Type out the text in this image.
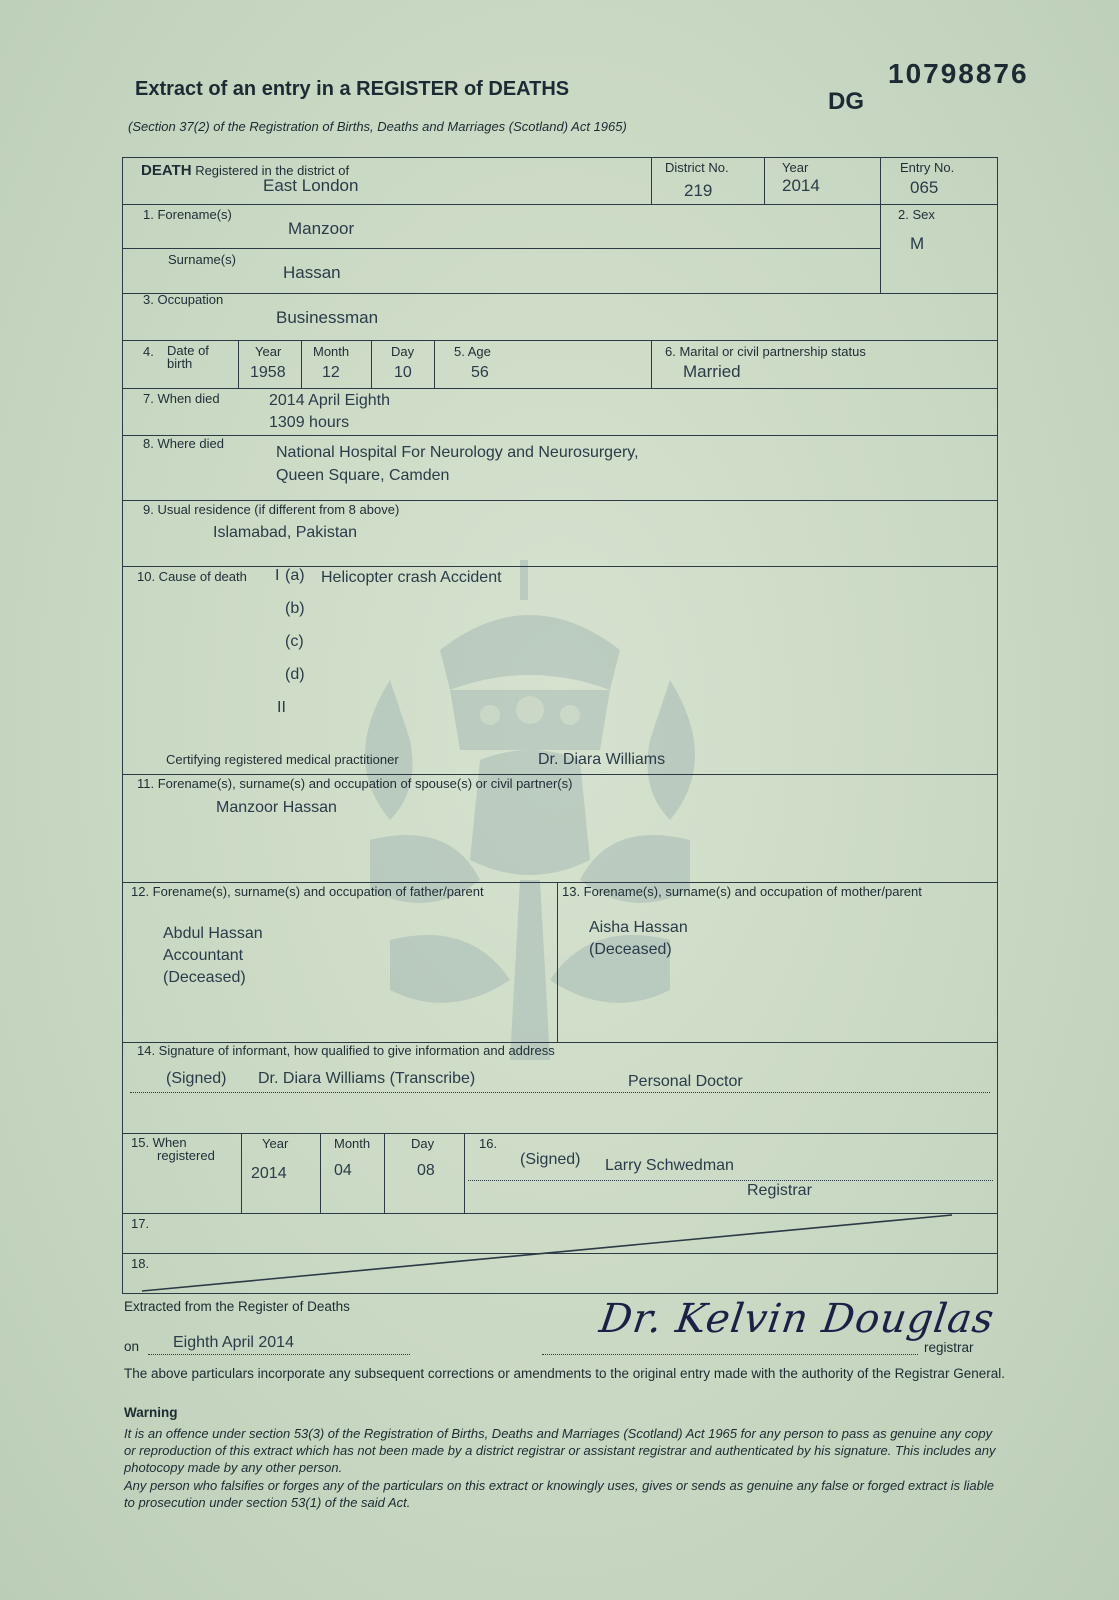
Extract of an entry in a REGISTER of DEATHS	10798876
DG
(Section 37(2) of the Registration of Births, Deaths and Marriages (Scotland) Act 1965)
DEATH Registered in the district of
East London
District No.
219
Year
2014
Entry No.
065
1. Forename(s)
Manzoor
Surname(s)
Hassan
2. Sex
M
3. Occupation
Businessman
4. Date of
birth
Year
1958
Month
12
Day
10
5. Age
56
6. Marital or civil partnership status
Married
7. When died	2014 April Eighth
1309 hours
8. Where died
National Hospital For Neurology and Neurosurgery,
Queen Square, Camden
9. Usual residence (if different from 8 above)
Islamabad, Pakistan
10. Cause of death I (a) Helicopter crash Accident
(b)
(c)
(d)
II
Certifying registered medical practitioner	Dr. Diara Williams
11. Forename(s), surname(s) and occupation of spouse(s) or civil partner(s)
Manzoor Hassan
12. Forename(s), surname(s) and occupation of father/parent
Abdul Hassan
Accountant
(Deceased)
13. Forename(s), surname(s) and occupation of mother/parent
Aisha Hassan
(Deceased)
14. Signature of informant, how qualified to give information and address
(Signed) Dr. Diara Williams (Transcribe)	Personal Doctor
15. When
registered
Year
2014
Month
04
Day
08
16.
(Signed) Larry Schwedman
Registrar
17.
18.
Extracted from the Register of Deaths
on Eighth April 2014
Dr. Kelvin Douglas
registrar
The above particulars incorporate any subsequent corrections or amendments to the original entry made with the authority of the Registrar General.
Warning
It is an offence under section 53(3) of the Registration of Births, Deaths and Marriages (Scotland) Act 1965 for any person to pass as genuine any copy or reproduction of this extract which has not been made by a district registrar or assistant registrar and authenticated by his signature. This includes any photocopy made by any other person.
Any person who falsifies or forges any of the particulars on this extract or knowingly uses, gives or sends as genuine any false or forged extract is liable to prosecution under section 53(1) of the said Act.
